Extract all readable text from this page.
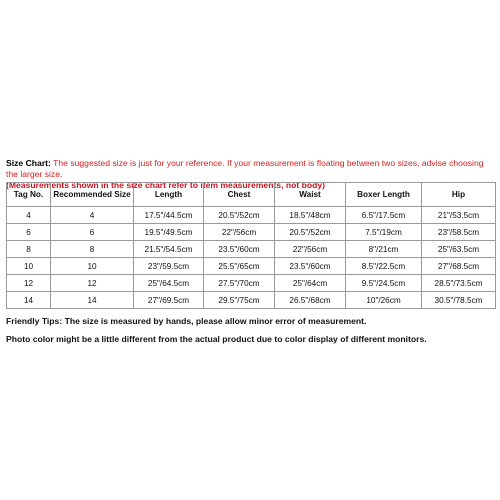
Size Chart: The suggested size is just for your reference. If your measurement is floating between two sizes, advise choosing the larger size.
(Measurements shown in the size chart refer to item measurements, not body)
Tag No.	Recommended Size	Length	Chest	Waist	Boxer Length	Hip
4	4	17.5"/44.5cm	20.5"/52cm	18.5"/48cm	6.5"/17.5cm	21"/53.5cm
6	6	19.5"/49.5cm	22"/56cm	20.5"/52cm	7.5"/19cm	23"/58.5cm
8	8	21.5"/54.5cm	23.5"/60cm	22"/56cm	8"/21cm	25"/63.5cm
10	10	23"/59.5cm	25.5"/65cm	23.5"/60cm	8.5"/22.5cm	27"/68.5cm
12	12	25"/64.5cm	27.5"/70cm	25"/64cm	9.5"/24.5cm	28.5"/73.5cm
14	14	27"/69.5cm	29.5"/75cm	26.5"/68cm	10"/26cm	30.5"/78.5cm
Friendly Tips: The size is measured by hands, please allow minor error of measurement.
Photo color might be a little different from the actual product due to color display of different monitors.
